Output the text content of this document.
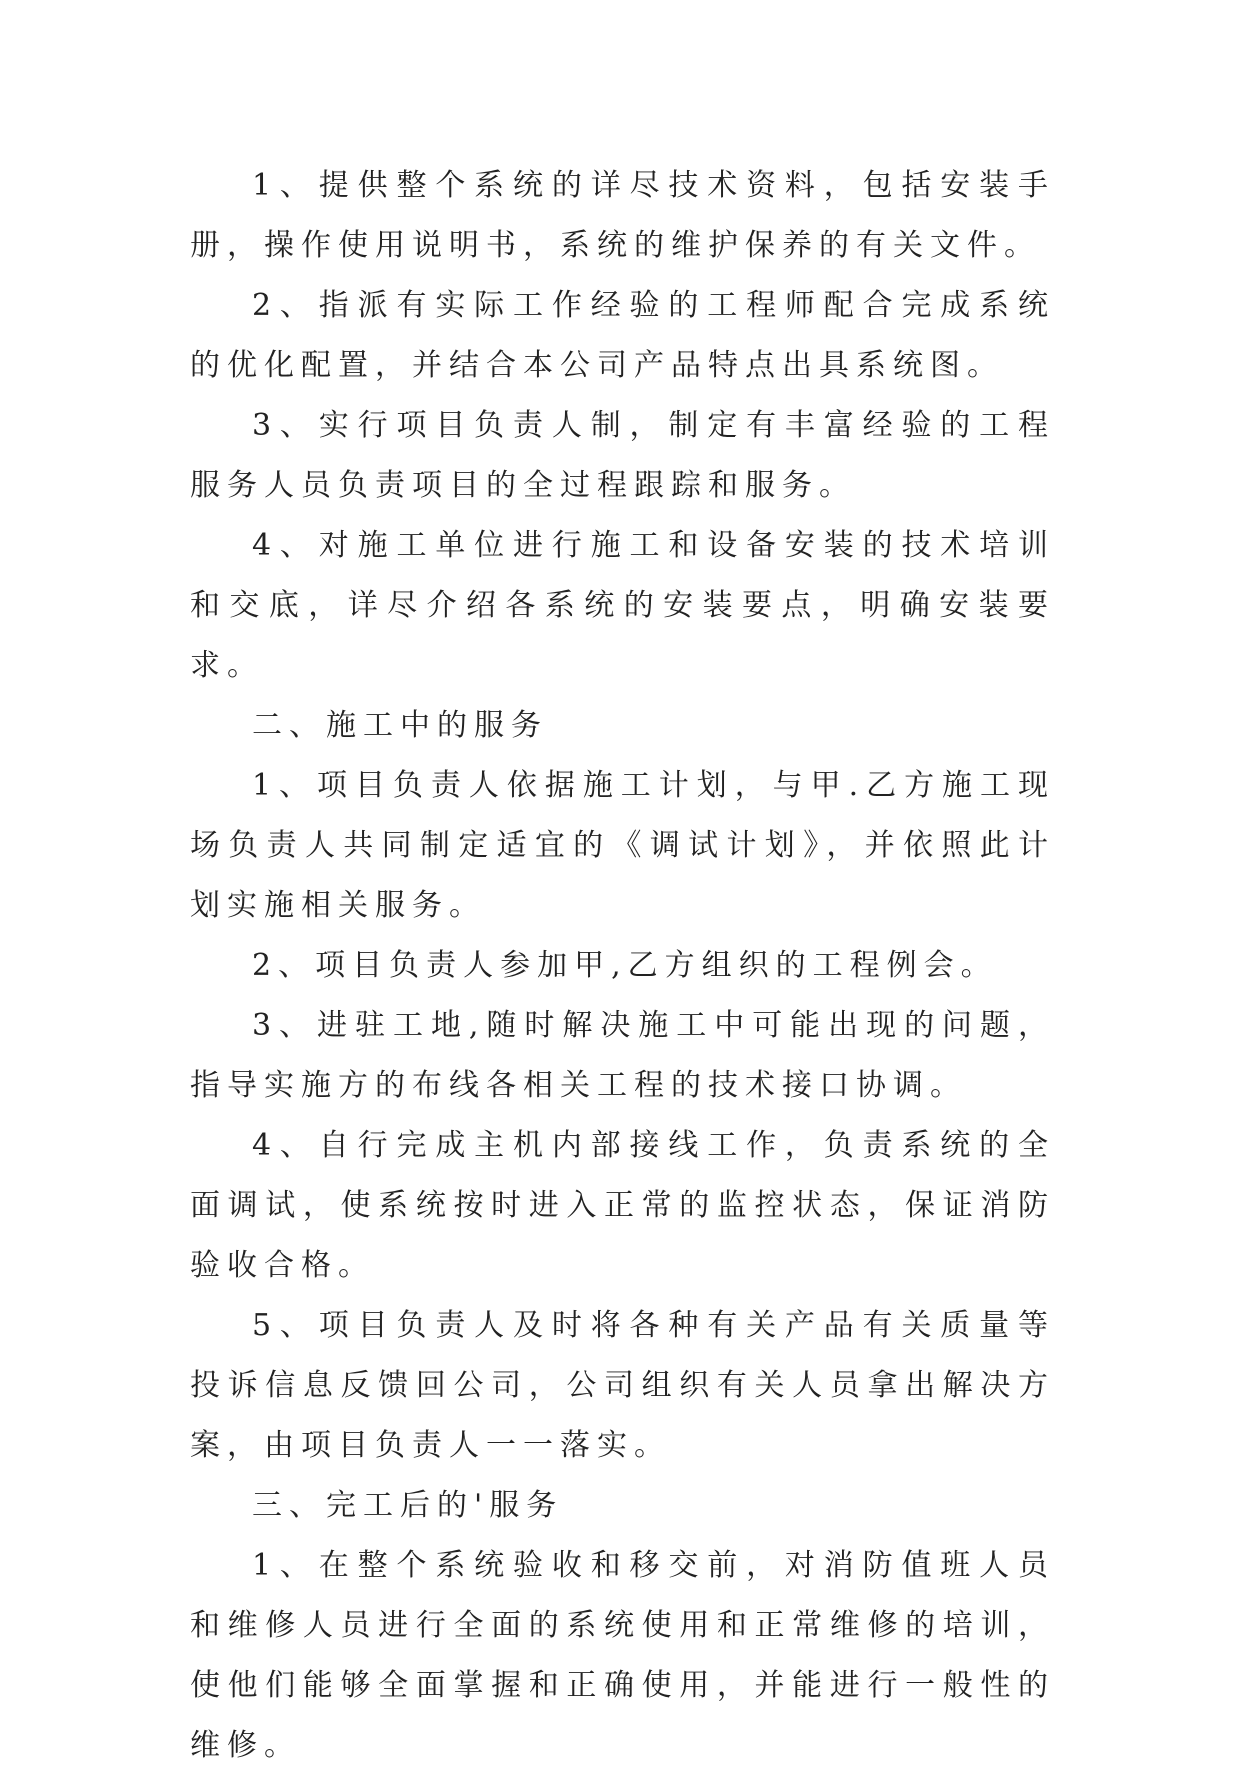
1、提供整个系统的详尽技术资料，包括安装手册，操作使用说明书，系统的维护保养的有关文件。

2、指派有实际工作经验的工程师配合完成系统的优化配置，并结合本公司产品特点出具系统图。

3、实行项目负责人制，制定有丰富经验的工程服务人员负责项目的全过程跟踪和服务。

4、对施工单位进行施工和设备安装的技术培训和交底，详尽介绍各系统的安装要点，明确安装要求。

二、施工中的服务

1、项目负责人依据施工计划，与甲.乙方施工现场负责人共同制定适宜的《调试计划》，并依照此计划实施相关服务。

2、项目负责人参加甲,乙方组织的工程例会。

3、进驻工地,随时解决施工中可能出现的问题，指导实施方的布线各相关工程的技术接口协调。

4、自行完成主机内部接线工作，负责系统的全面调试，使系统按时进入正常的监控状态，保证消防验收合格。

5、项目负责人及时将各种有关产品有关质量等投诉信息反馈回公司，公司组织有关人员拿出解决方案，由项目负责人一一落实。

三、完工后的'服务

1、在整个系统验收和移交前，对消防值班人员和维修人员进行全面的系统使用和正常维修的培训，使他们能够全面掌握和正确使用，并能进行一般性的维修。
